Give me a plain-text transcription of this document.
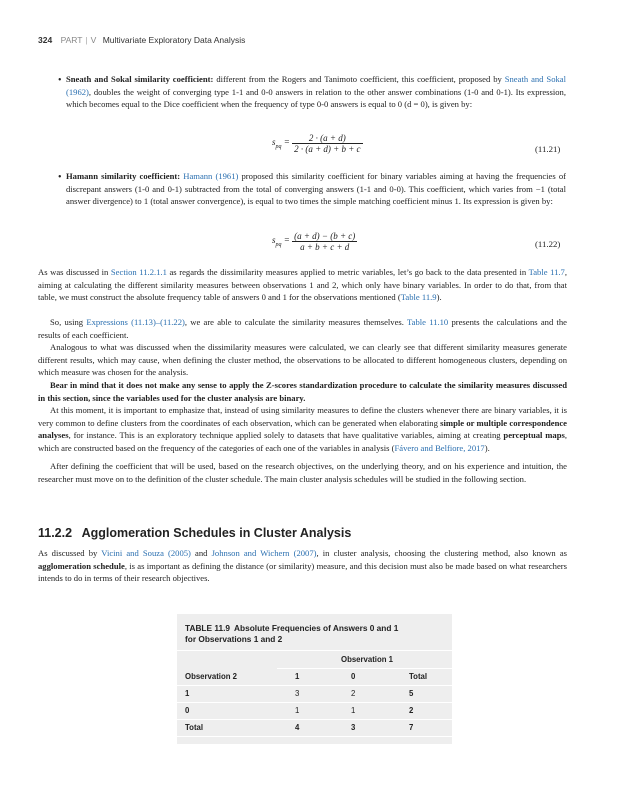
324 PART | V Multivariate Exploratory Data Analysis
• Sneath and Sokal similarity coefficient: different from the Rogers and Tanimoto coefficient, this coefficient, proposed by Sneath and Sokal (1962), doubles the weight of converging type 1-1 and 0-0 answers in relation to the other answer combinations (1-0 and 0-1). Its expression, which becomes equal to the Dice coefficient when the frequency of type 0-0 answers is equal to 0 (d = 0), is given by:
$s_{pq} = \frac{2 \cdot (a + d)}{2 \cdot (a + d) + b + c}$	(11.21)
• Hamann similarity coefficient: Hamann (1961) proposed this similarity coefficient for binary variables aiming at having the frequencies of discrepant answers (1-0 and 0-1) subtracted from the total of converging answers (1-1 and 0-0). This coefficient, which varies from −1 (total answer divergence) to 1 (total answer convergence), is equal to two times the simple matching coefficient minus 1. Its expression is given by:
$s_{pq} = \frac{(a + d) - (b + c)}{a + b + c + d}$	(11.22)
As was discussed in Section 11.2.1.1 as regards the dissimilarity measures applied to metric variables, let’s go back to the data presented in Table 11.7, aiming at calculating the different similarity measures between observations 1 and 2, which only have binary variables. In order to do that, from that table, we must construct the absolute frequency table of answers 0 and 1 for the observations mentioned (Table 11.9).
So, using Expressions (11.13)–(11.22), we are able to calculate the similarity measures themselves. Table 11.10 presents the calculations and the results of each coefficient.
Analogous to what was discussed when the dissimilarity measures were calculated, we can clearly see that different similarity measures generate different results, which may cause, when defining the cluster method, the observations to be allocated to different homogeneous clusters, depending on which measure was chosen for the analysis.
Bear in mind that it does not make any sense to apply the Z-scores standardization procedure to calculate the similarity measures discussed in this section, since the variables used for the cluster analysis are binary.
At this moment, it is important to emphasize that, instead of using similarity measures to define the clusters whenever there are binary variables, it is very common to define clusters from the coordinates of each observation, which can be generated when elaborating simple or multiple correspondence analyses, for instance. This is an exploratory technique applied solely to datasets that have qualitative variables, aiming at creating perceptual maps, which are constructed based on the frequency of the categories of each one of the variables in analysis (Fávero and Belfiore, 2017).
After defining the coefficient that will be used, based on the research objectives, on the underlying theory, and on his experience and intuition, the researcher must move on to the definition of the cluster schedule. The main cluster analysis schedules will be studied in the following section.
11.2.2 Agglomeration Schedules in Cluster Analysis
As discussed by Vicini and Souza (2005) and Johnson and Wichern (2007), in cluster analysis, choosing the clustering method, also known as agglomeration schedule, is as important as defining the distance (or similarity) measure, and this decision must also be made based on what researchers intends to do in terms of their research objectives.
TABLE 11.9 Absolute Frequencies of Answers 0 and 1
for Observations 1 and 2
Observation 1
Observation 2	1	0	Total
1	3	2	5
0	1	1	2
Total	4	3	7
